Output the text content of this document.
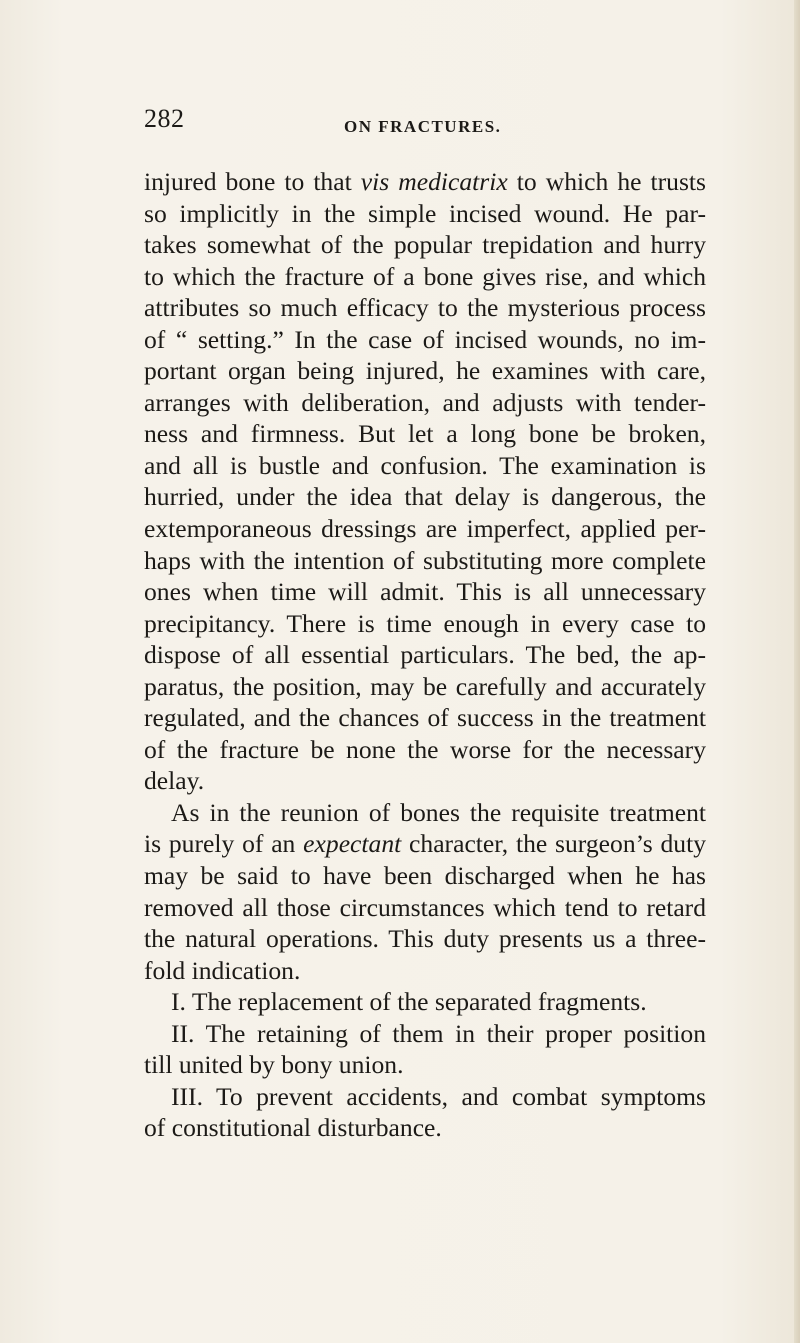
282	ON FRACTURES.
injured bone to that vis medicatrix to which he trusts
so implicitly in the simple incised wound. He par-
takes somewhat of the popular trepidation and hurry
to which the fracture of a bone gives rise, and which
attributes so much efficacy to the mysterious process
of “ setting.” In the case of incised wounds, no im-
portant organ being injured, he examines with care,
arranges with deliberation, and adjusts with tender-
ness and firmness. But let a long bone be broken,
and all is bustle and confusion. The examination is
hurried, under the idea that delay is dangerous, the
extemporaneous dressings are imperfect, applied per-
haps with the intention of substituting more complete
ones when time will admit. This is all unnecessary
precipitancy. There is time enough in every case to
dispose of all essential particulars. The bed, the ap-
paratus, the position, may be carefully and accurately
regulated, and the chances of success in the treatment
of the fracture be none the worse for the necessary
delay.
As in the reunion of bones the requisite treatment
is purely of an expectant character, the surgeon’s duty
may be said to have been discharged when he has
removed all those circumstances which tend to retard
the natural operations. This duty presents us a three-
fold indication.
I. The replacement of the separated fragments.
II. The retaining of them in their proper position
till united by bony union.
III. To prevent accidents, and combat symptoms
of constitutional disturbance.
